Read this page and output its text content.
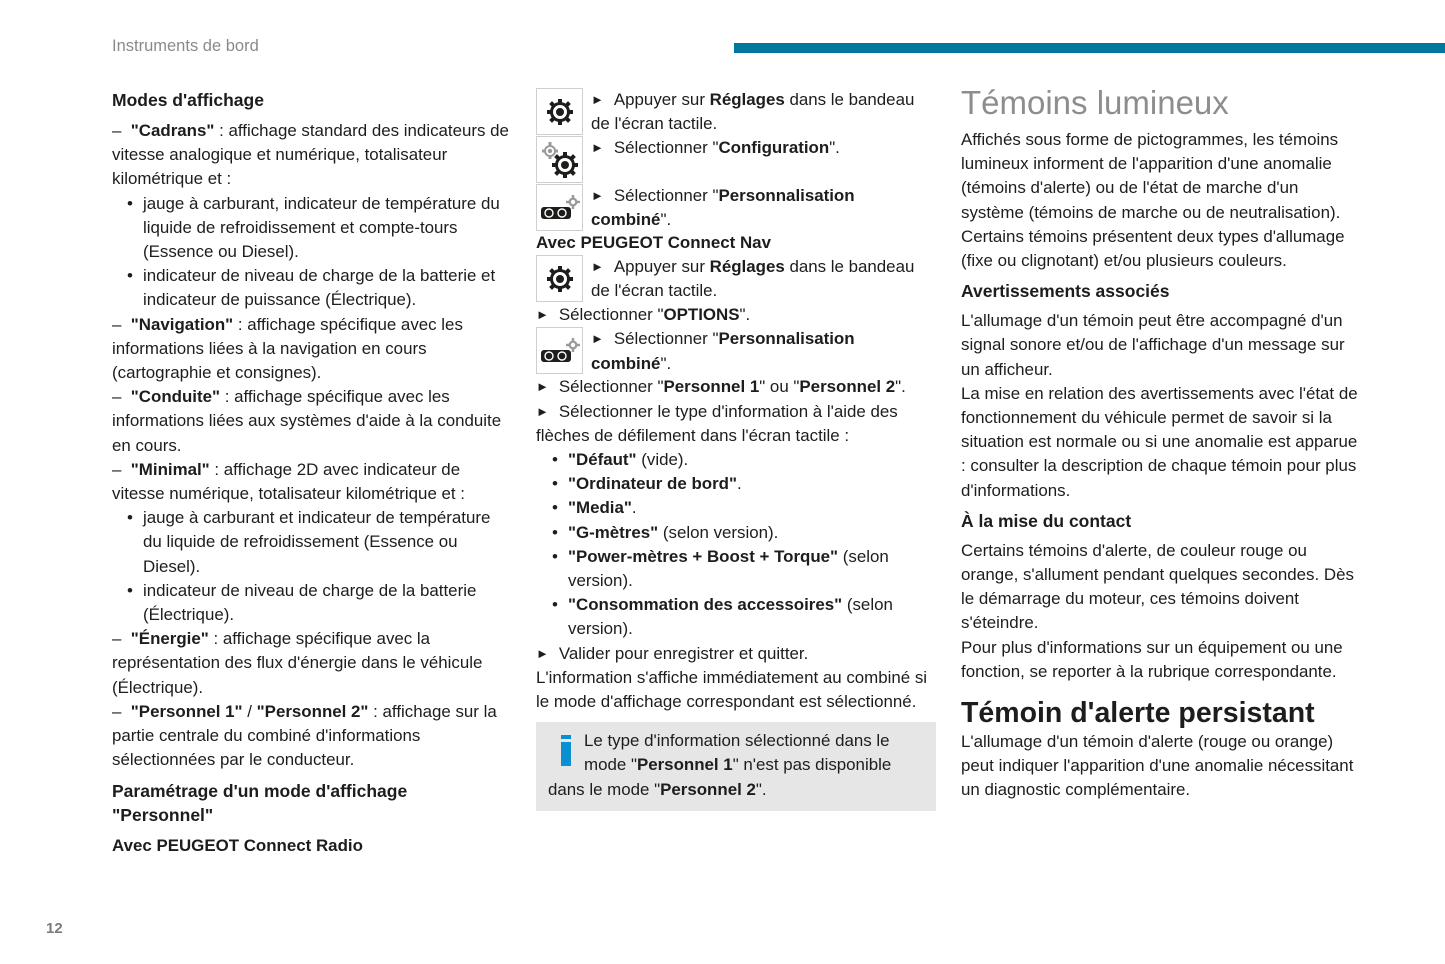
Instruments de bord

Modes d'affichage

– "Cadrans" : affichage standard des indicateurs de vitesse analogique et numérique, totalisateur kilométrique et :

• jauge à carburant, indicateur de température du liquide de refroidissement et compte-tours (Essence ou Diesel).

• indicateur de niveau de charge de la batterie et indicateur de puissance (Électrique).

– "Navigation" : affichage spécifique avec les informations liées à la navigation en cours (cartographie et consignes).

– "Conduite" : affichage spécifique avec les informations liées aux systèmes d'aide à la conduite en cours.

– "Minimal" : affichage 2D avec indicateur de vitesse numérique, totalisateur kilométrique et :

• jauge à carburant et indicateur de température du liquide de refroidissement (Essence ou Diesel).

• indicateur de niveau de charge de la batterie (Électrique).

– "Énergie" : affichage spécifique avec la représentation des flux d'énergie dans le véhicule (Électrique).

– "Personnel 1" / "Personnel 2" : affichage sur la partie centrale du combiné d'informations sélectionnées par le conducteur.

Paramétrage d'un mode d'affichage "Personnel"

Avec PEUGEOT Connect Radio

► Appuyer sur Réglages dans le bandeau de l'écran tactile.
► Sélectionner "Configuration".
► Sélectionner "Personnalisation combiné".

Avec PEUGEOT Connect Nav

► Appuyer sur Réglages dans le bandeau de l'écran tactile.

► Sélectionner "OPTIONS".

► Sélectionner "Personnalisation combiné".

► Sélectionner "Personnel 1" ou "Personnel 2".

► Sélectionner le type d'information à l'aide des flèches de défilement dans l'écran tactile :

• "Défaut" (vide).

• "Ordinateur de bord".

• "Media".

• "G-mètres" (selon version).

• "Power-mètres + Boost + Torque" (selon version).

• "Consommation des accessoires" (selon version).

► Valider pour enregistrer et quitter.

L'information s'affiche immédiatement au combiné si le mode d'affichage correspondant est sélectionné.

Le type d'information sélectionné dans le mode "Personnel 1" n'est pas disponible dans le mode "Personnel 2".
Témoins lumineux

Affichés sous forme de pictogrammes, les témoins lumineux informent de l'apparition d'une anomalie (témoins d'alerte) ou de l'état de marche d'un système (témoins de marche ou de neutralisation). Certains témoins présentent deux types d'allumage (fixe ou clignotant) et/ou plusieurs couleurs.

Avertissements associés

L'allumage d'un témoin peut être accompagné d'un signal sonore et/ou de l'affichage d'un message sur un afficheur.

La mise en relation des avertissements avec l'état de fonctionnement du véhicule permet de savoir si la situation est normale ou si une anomalie est apparue : consulter la description de chaque témoin pour plus d'informations.

À la mise du contact

Certains témoins d'alerte, de couleur rouge ou orange, s'allument pendant quelques secondes. Dès le démarrage du moteur, ces témoins doivent s'éteindre.

Pour plus d'informations sur un équipement ou une fonction, se reporter à la rubrique correspondante.

Témoin d'alerte persistant

L'allumage d'un témoin d'alerte (rouge ou orange) peut indiquer l'apparition d'une anomalie nécessitant un diagnostic complémentaire.

12
